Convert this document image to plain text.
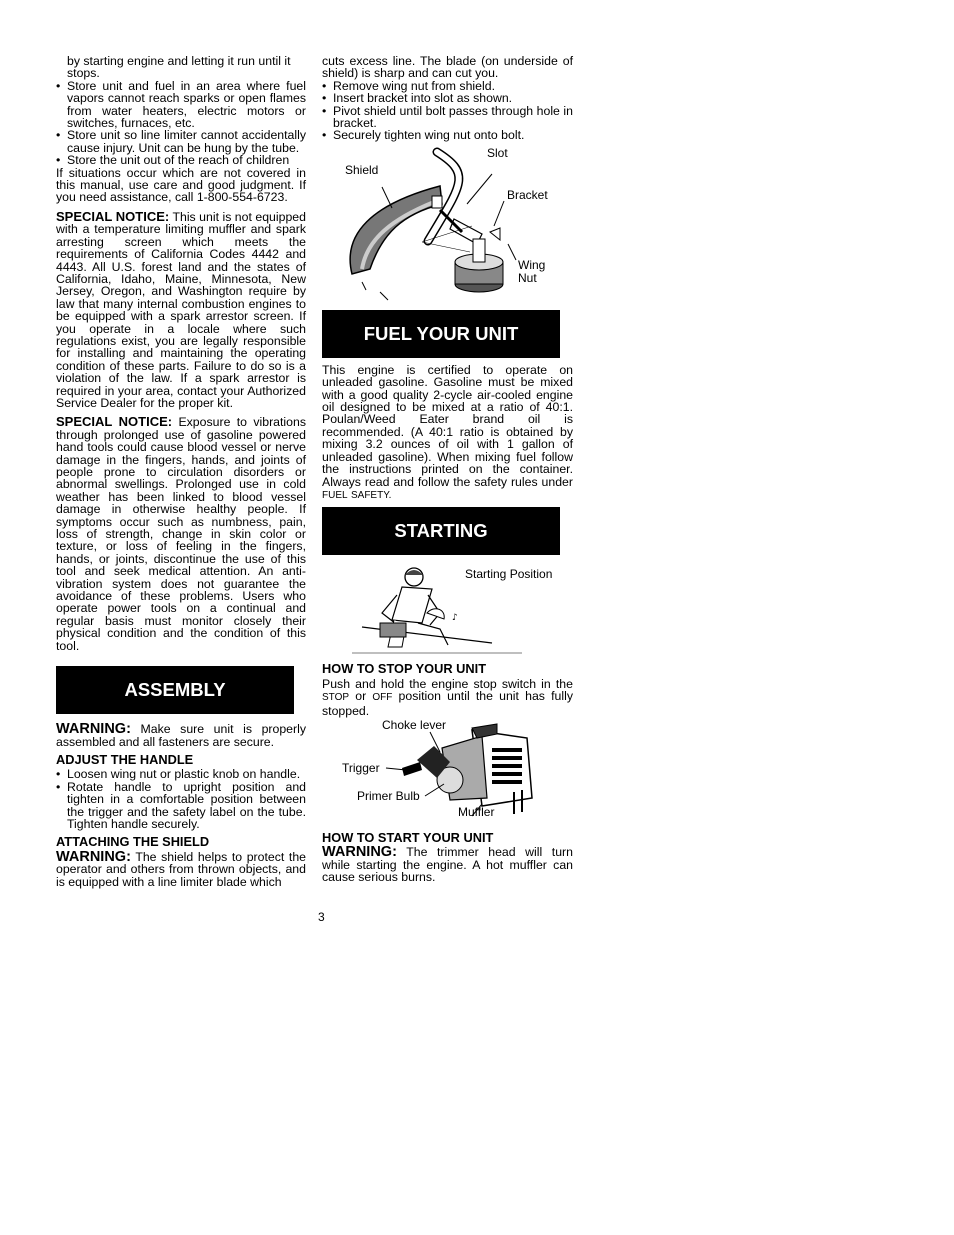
by starting engine and letting it run until it
stops.
• Store unit and fuel in an area where fuel vapors cannot reach sparks or open flames from water heaters, electric motors or switches, furnaces, etc.
• Store unit so line limiter cannot accidentally cause injury. Unit can be hung by the tube.
• Store the unit out of the reach of children

If situations occur which are not covered in this manual, use care and good judgment. If you need assistance, call 1-800-554-6723.

SPECIAL NOTICE: This unit is not equipped with a temperature limiting muffler and spark arresting screen which meets the requirements of California Codes 4442 and 4443. All U.S. forest land and the states of California, Idaho, Maine, Minnesota, New Jersey, Oregon, and Washington require by law that many internal combustion engines to be equipped with a spark arrestor screen. If you operate in a locale where such regulations exist, you are legally responsible for installing and maintaining the operating condition of these parts. Failure to do so is a violation of the law. If a spark arrestor is required in your area, contact your Authorized Service Dealer for the proper kit.

SPECIAL NOTICE: Exposure to vibrations through prolonged use of gasoline powered hand tools could cause blood vessel or nerve damage in the fingers, hands, and joints of people prone to circulation disorders or abnormal swellings. Prolonged use in cold weather has been linked to blood vessel damage in otherwise healthy people. If symptoms occur such as numbness, pain, loss of strength, change in skin color or texture, or loss of feeling in the fingers, hands, or joints, discontinue the use of this tool and seek medical attention. An anti-vibration system does not guarantee the avoidance of these problems. Users who operate power tools on a continual and regular basis must monitor closely their physical condition and the condition of this tool.

ASSEMBLY

WARNING: Make sure unit is properly assembled and all fasteners are secure.

ADJUST THE HANDLE
• Loosen wing nut or plastic knob on handle.
• Rotate handle to upright position and tighten in a comfortable position between the trigger and the safety label on the tube. Tighten handle securely.
ATTACHING THE SHIELD

WARNING: The shield helps to protect the operator and others from thrown objects, and is equipped with a line limiter blade which

cuts excess line. The blade (on underside of shield) is sharp and can cut you.

• Remove wing nut from shield.
• Insert bracket into slot as shown.
• Pivot shield until bolt passes through hole in bracket.
• Securely tighten wing nut onto bolt.
Slot
Shield
Bracket
Wing
Nut
FUEL YOUR UNIT

This engine is certified to operate on unleaded gasoline. Gasoline must be mixed with a good quality 2-cycle air-cooled engine oil designed to be mixed at a ratio of 40:1. Poulan/Weed Eater brand oil is recommended. (A 40:1 ratio is obtained by mixing 3.2 ounces of oil with 1 gallon of unleaded gasoline). When mixing fuel follow the instructions printed on the container. Always read and follow the safety rules under FUEL SAFETY.

STARTING
♪
Starting Position
HOW TO STOP YOUR UNIT

Push and hold the engine stop switch in the STOP or OFF position until the unit has fully stopped.

Choke lever
Trigger
Primer Bulb
Muffler
HOW TO START YOUR UNIT

WARNING: The trimmer head will turn while starting the engine. A hot muffler can cause serious burns.

3
